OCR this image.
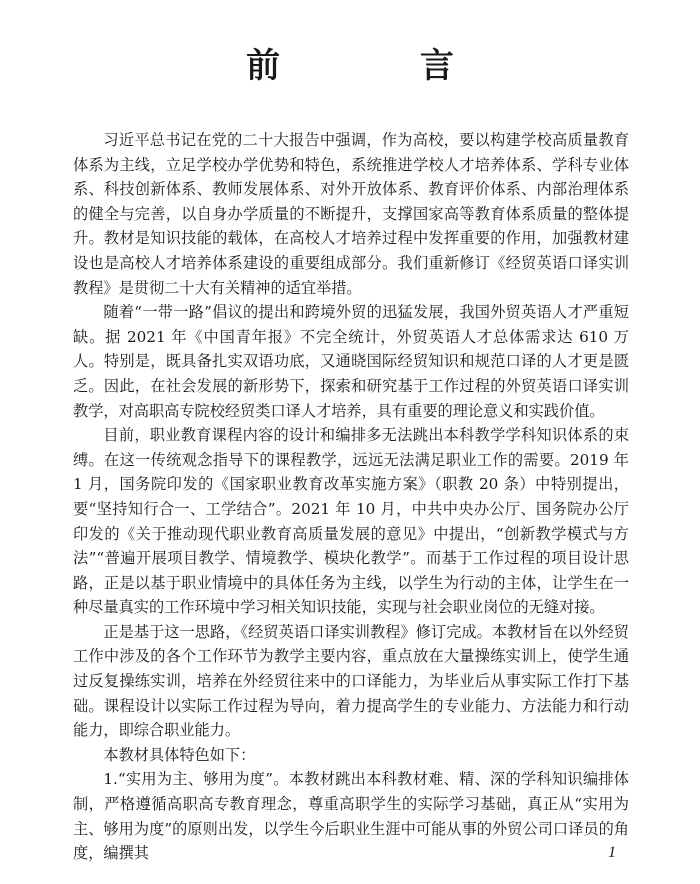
前 言

习近平总书记在党的二十大报告中强调，作为高校，要以构建学校高质量教育体系为主线，立足学校办学优势和特色，系统推进学校人才培养体系、学科专业体系、科技创新体系、教师发展体系、对外开放体系、教育评价体系、内部治理体系的健全与完善，以自身办学质量的不断提升，支撑国家高等教育体系质量的整体提升。教材是知识技能的载体，在高校人才培养过程中发挥重要的作用，加强教材建设也是高校人才培养体系建设的重要组成部分。我们重新修订《经贸英语口译实训教程》是贯彻二十大有关精神的适宜举措。

随着“一带一路”倡议的提出和跨境外贸的迅猛发展，我国外贸英语人才严重短缺。据 2021 年《中国青年报》不完全统计，外贸英语人才总体需求达 610 万人。特别是，既具备扎实双语功底，又通晓国际经贸知识和规范口译的人才更是匮乏。因此，在社会发展的新形势下，探索和研究基于工作过程的外贸英语口译实训教学，对高职高专院校经贸类口译人才培养，具有重要的理论意义和实践价值。

目前，职业教育课程内容的设计和编排多无法跳出本科教学学科知识体系的束缚。在这一传统观念指导下的课程教学，远远无法满足职业工作的需要。2019 年 1 月，国务院印发的《国家职业教育改革实施方案》（职教 20 条）中特别提出，要“坚持知行合一、工学结合”。2021 年 10 月，中共中央办公厅、国务院办公厅印发的《关于推动现代职业教育高质量发展的意见》中提出，“创新教学模式与方法”“普遍开展项目教学、情境教学、模块化教学”。而基于工作过程的项目设计思路，正是以基于职业情境中的具体任务为主线，以学生为行动的主体，让学生在一种尽量真实的工作环境中学习相关知识技能，实现与社会职业岗位的无缝对接。

正是基于这一思路，《经贸英语口译实训教程》修订完成。本教材旨在以外经贸工作中涉及的各个工作环节为教学主要内容，重点放在大量操练实训上，使学生通过反复操练实训，培养在外经贸往来中的口译能力，为毕业后从事实际工作打下基础。课程设计以实际工作过程为导向，着力提高学生的专业能力、方法能力和行动能力，即综合职业能力。

本教材具体特色如下：

1.“实用为主、够用为度”。本教材跳出本科教材难、精、深的学科知识编排体制，严格遵循高职高专教育理念，尊重高职学生的实际学习基础，真正从“实用为主、够用为度”的原则出发，以学生今后职业生涯中可能从事的外贸公司口译员的角度，编撰其	1
